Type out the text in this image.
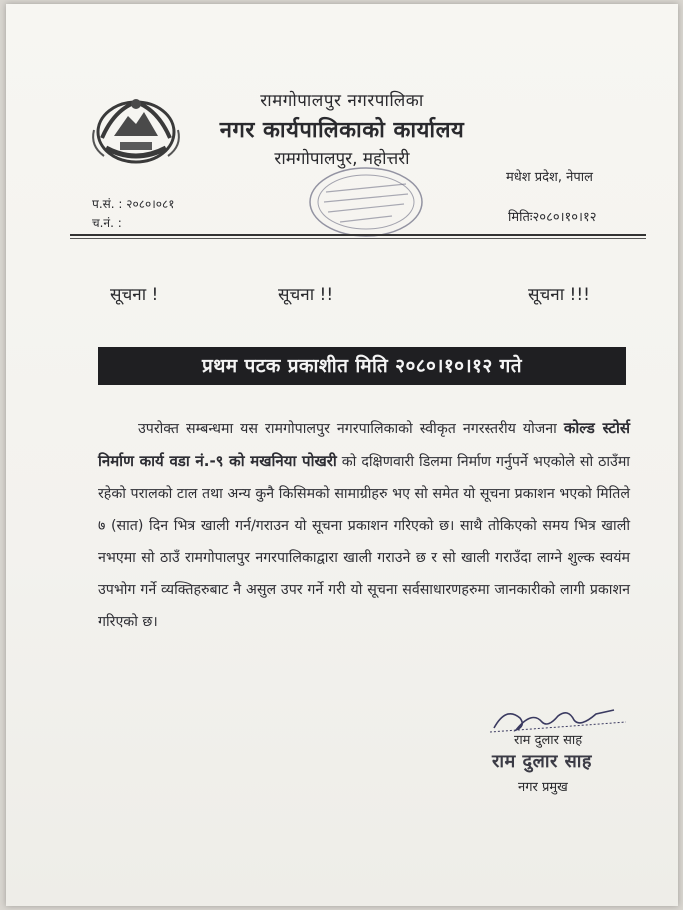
रामगोपालपुर नगरपालिका
नगर कार्यपालिकाको कार्यालय
रामगोपालपुर, महोत्तरी
मधेश प्रदेश, नेपाल
प.सं. : २०८०।०८१
च.नं. :	मितिः२०८०।१०।१२
सूचना !	सूचना !!	सूचना !!!
प्रथम पटक प्रकाशीत मिति २०८०।१०।१२ गते
उपरोक्त सम्बन्धमा यस रामगोपालपुर नगरपालिकाको स्वीकृत नगरस्तरीय योजना कोल्ड स्टोर्स निर्माण कार्य वडा नं.-९ को मखनिया पोखरी को दक्षिणवारी डिलमा निर्माण गर्नुपर्ने भएकोले सो ठाउँमा रहेको परालको टाल तथा अन्य कुनै किसिमको सामाग्रीहरु भए सो समेत यो सूचना प्रकाशन भएको मितिले ७ (सात) दिन भित्र खाली गर्न/गराउन यो सूचना प्रकाशन गरिएको छ। साथै तोकिएको समय भित्र खाली नभएमा सो ठाउँ रामगोपालपुर नगरपालिकाद्वारा खाली गराउने छ र सो खाली गराउँदा लाग्ने शुल्क स्वयंम उपभोग गर्ने व्यक्तिहरुबाट नै असुल उपर गर्ने गरी यो सूचना सर्वसाधारणहरुमा जानकारीको लागी प्रकाशन गरिएको छ।
राम दुलार साह
राम दुलार साह
नगर प्रमुख
